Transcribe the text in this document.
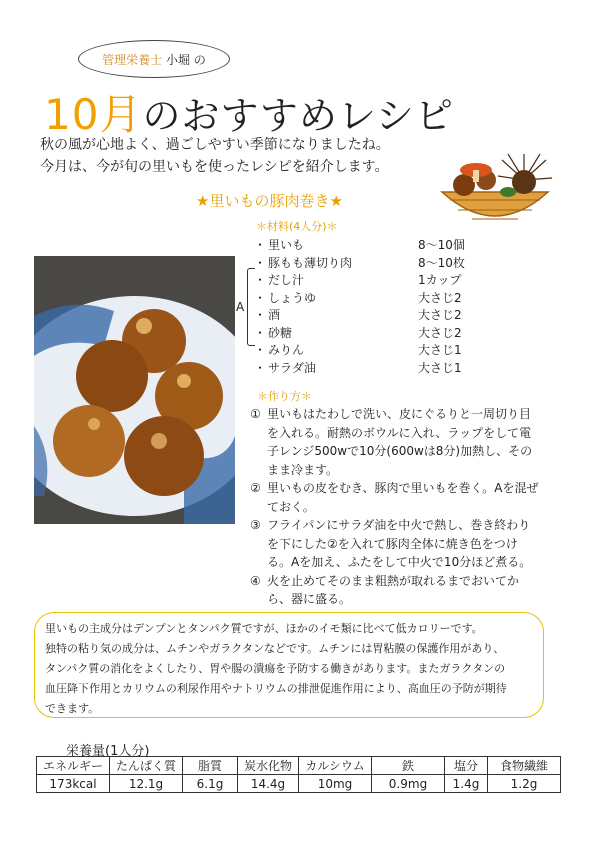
管理栄養士
小堀 の
10月のおすすめレシピ
秋の風が心地よく、過ごしやすい季節になりましたね。
今月は、今が旬の里いもを使ったレシピを紹介します。
★里いもの豚肉巻き★
＊材料(4人分)＊
・ 里いも	8～10個
・ 豚もも薄切り肉	8～10枚
・ だし汁	1カップ
・ しょうゆ	大さじ2
・ 酒	大さじ2
・ 砂糖	大さじ2
・ みりん	大さじ1
・ サラダ油	大さじ1
A
＊作り方＊
① 里いもはたわしで洗い、皮にぐるりと一周切り目を入れる。耐熱のボウルに入れ、ラップをして電子レンジ500wで10分(600wは8分)加熱し、そのまま冷ます。
② 里いもの皮をむき、豚肉で里いもを巻く。Aを混ぜておく。
③ フライパンにサラダ油を中火で熱し、巻き終わりを下にした②を入れて豚肉全体に焼き色をつける。Aを加え、ふたをして中火で10分ほど煮る。
④ 火を止めてそのまま粗熱が取れるまでおいてから、器に盛る。
里いもの主成分はデンプンとタンパク質ですが、ほかのイモ類に比べて低カロリーです。
独特の粘り気の成分は、ムチンやガラクタンなどです。ムチンには胃粘膜の保護作用があり、
タンパク質の消化をよくしたり、胃や腸の潰瘍を予防する働きがあります。またガラクタンの
血圧降下作用とカリウムの利尿作用やナトリウムの排泄促進作用により、高血圧の予防が期待
できます。
栄養量(1人分)
エネルギー	たんぱく質	脂質	炭水化物	カルシウム	鉄	塩分	食物繊維
173kcal	12.1g	6.1g	14.4g	10mg	0.9mg	1.4g	1.2g
